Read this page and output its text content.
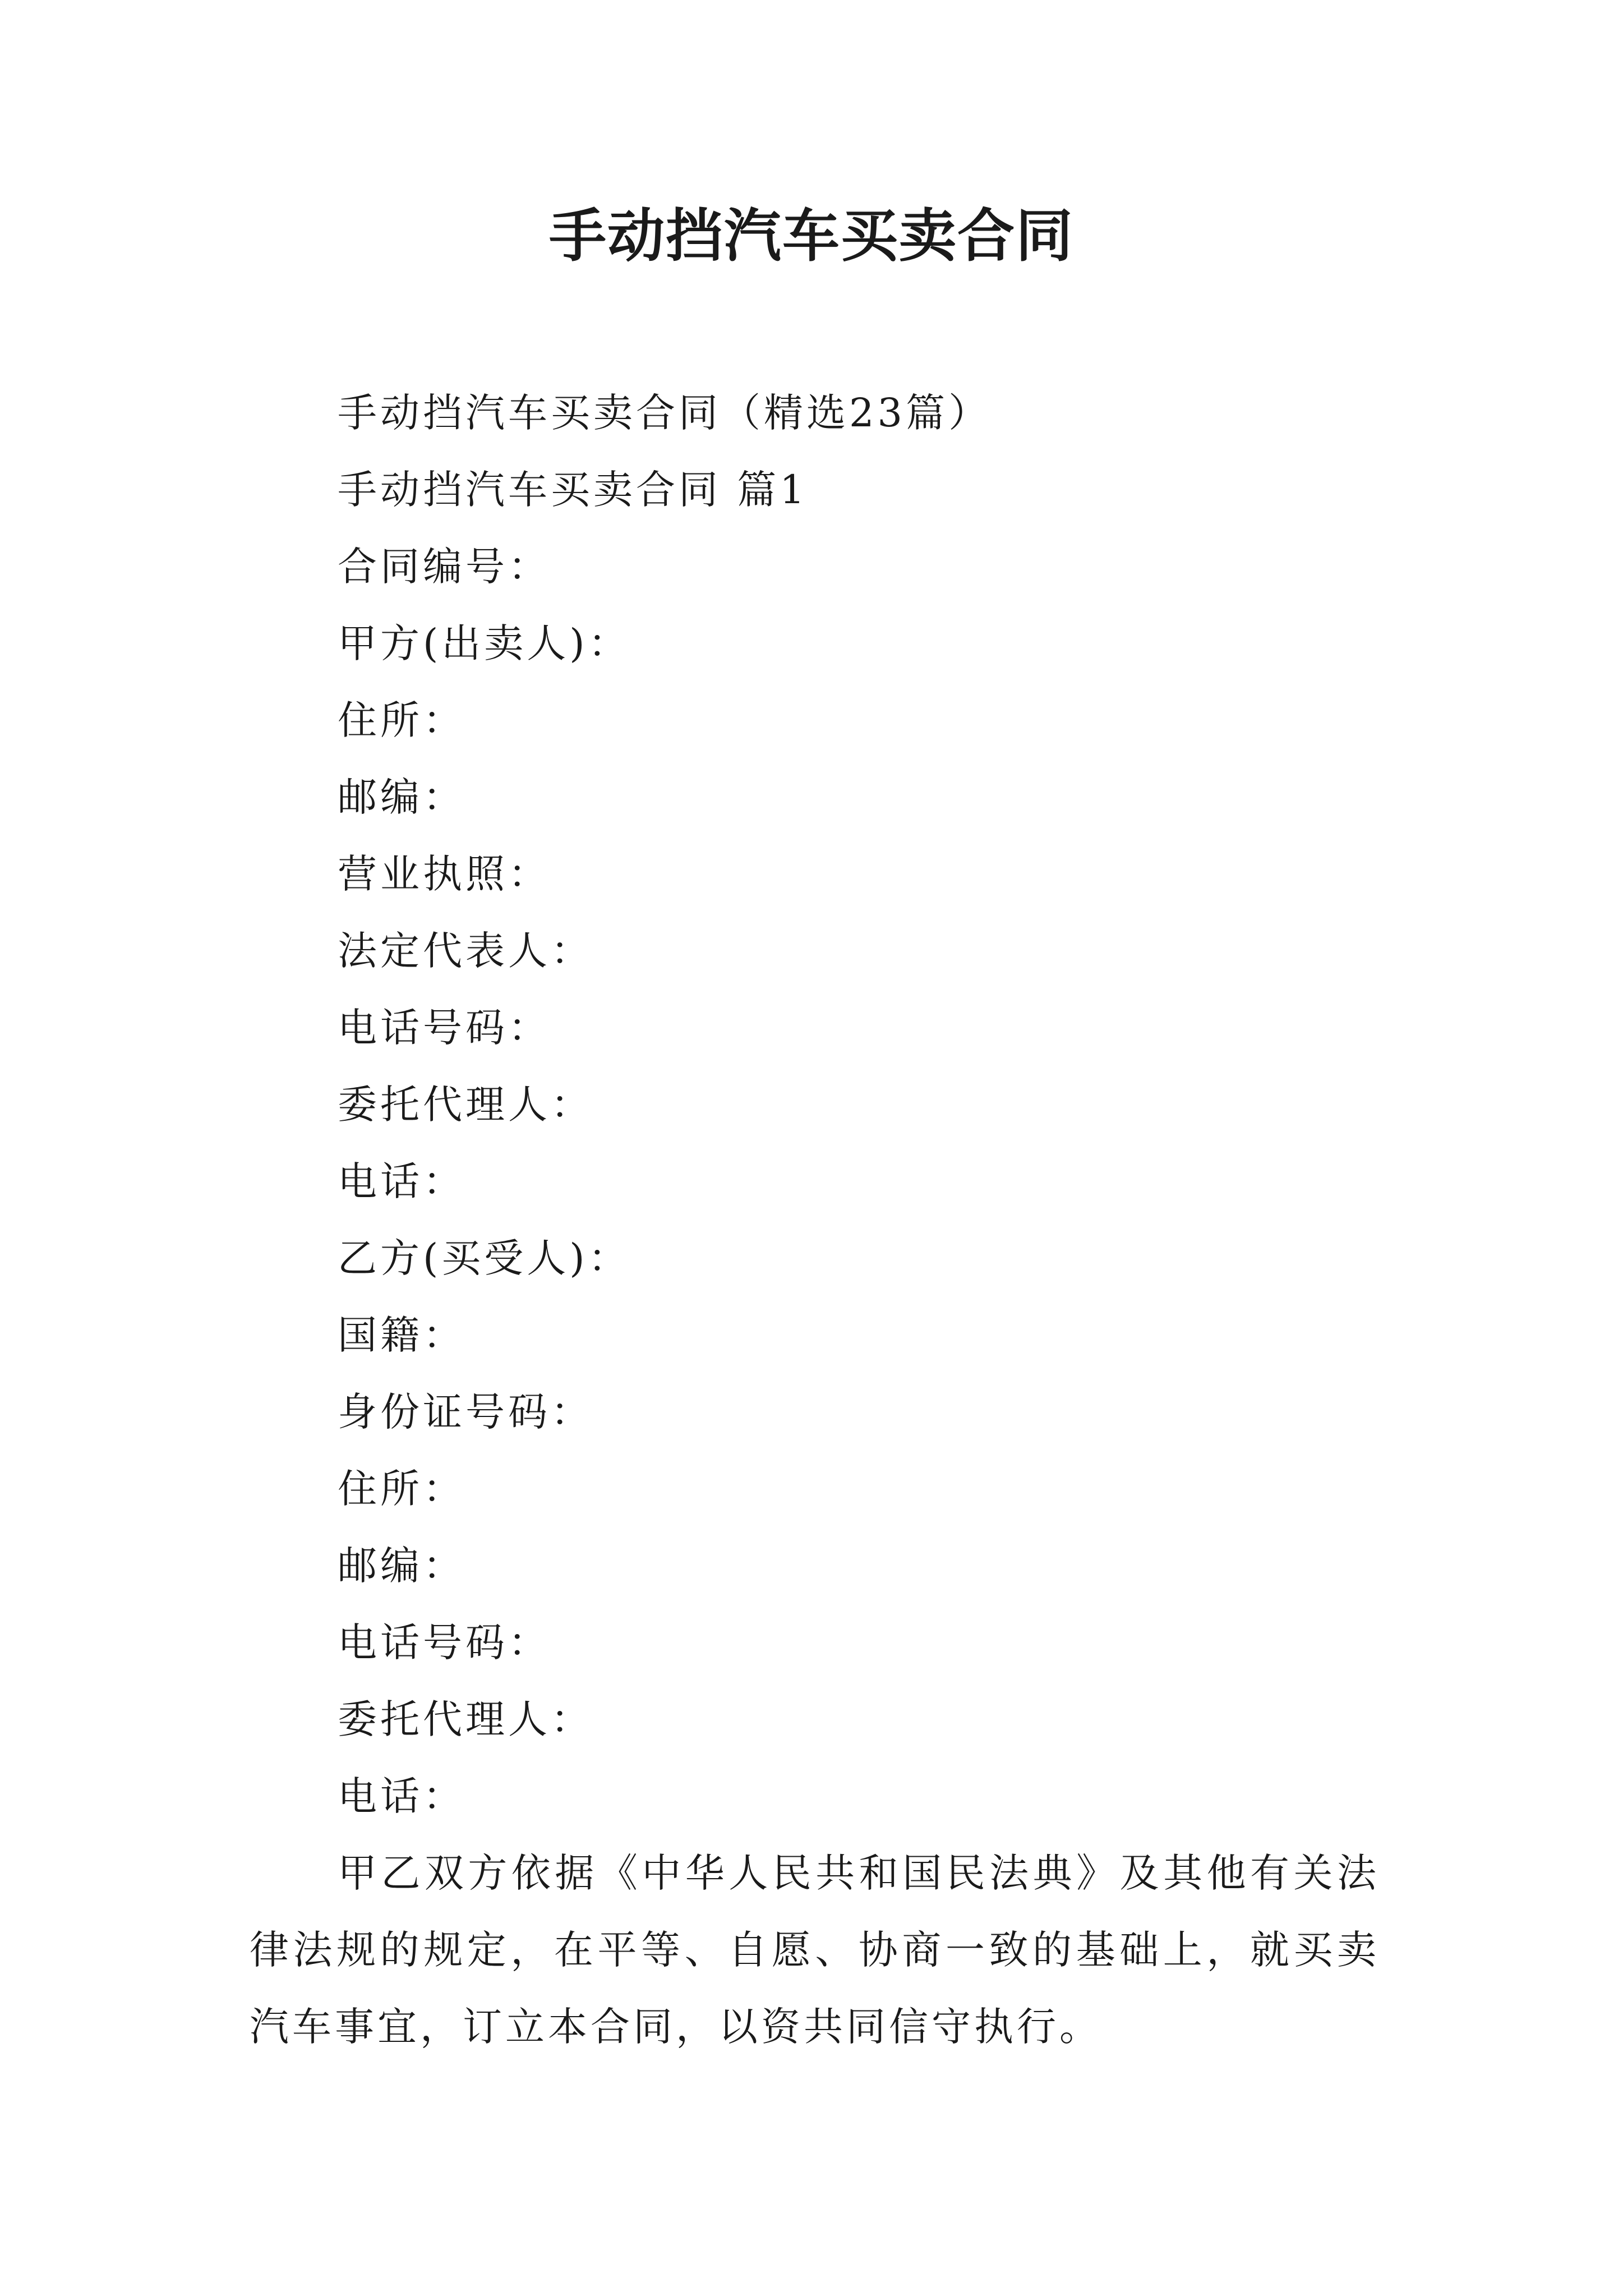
手动挡汽车买卖合同
手动挡汽车买卖合同（精选23篇）
手动挡汽车买卖合同 篇1
合同编号：
甲方(出卖人)：
住所：
邮编：
营业执照：
法定代表人：
电话号码：
委托代理人：
电话：
乙方(买受人)：
国籍：
身份证号码：
住所：
邮编：
电话号码：
委托代理人：
电话：

甲乙双方依据《中华人民共和国民法典》及其他有关法律法规的规定，在平等、自愿、协商一致的基础上，就买卖汽车事宜，订立本合同，以资共同信守执行。
